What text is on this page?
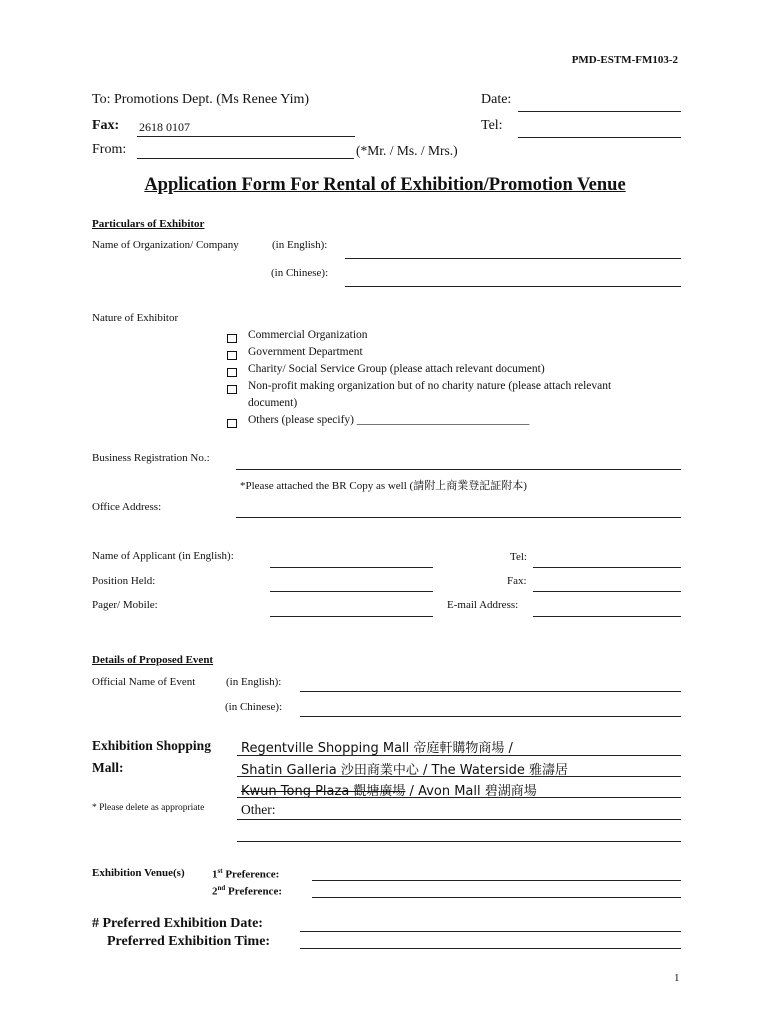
PMD-ESTM-FM103-2
To: Promotions Dept. (Ms Renee Yim)	Date:
Fax: 2618 0107	Tel:
From:	(*Mr. / Ms. / Mrs.)
Application Form For Rental of Exhibition/Promotion Venue
Particulars of Exhibitor
Name of Organization/ Company	(in English):
(in Chinese):
Nature of Exhibitor
Commercial Organization
Government Department
Charity/ Social Service Group (please attach relevant document)
Non-profit making organization but of no charity nature (please attach relevant
document)
Others (please specify) ______________________________
Business Registration No.:
*Please attached the BR Copy as well (請附上商業登記証附本)
Office Address:
Name of Applicant (in English):	Tel:
Position Held:	Fax:
Pager/ Mobile:	E-mail Address:
Details of Proposed Event
Official Name of Event	(in English):
(in Chinese):
Exhibition Shopping
Mall:
Regentville Shopping Mall 帝庭軒購物商場 /
Shatin Galleria 沙田商業中心 / The Waterside 雅濤居
Kwun Tong Plaza 觀塘廣場 / Avon Mall 碧湖商場
* Please delete as appropriate	Other:
Exhibition Venue(s) 1st Preference:
2nd Preference:
# Preferred Exhibition Date:
Preferred Exhibition Time:
1
